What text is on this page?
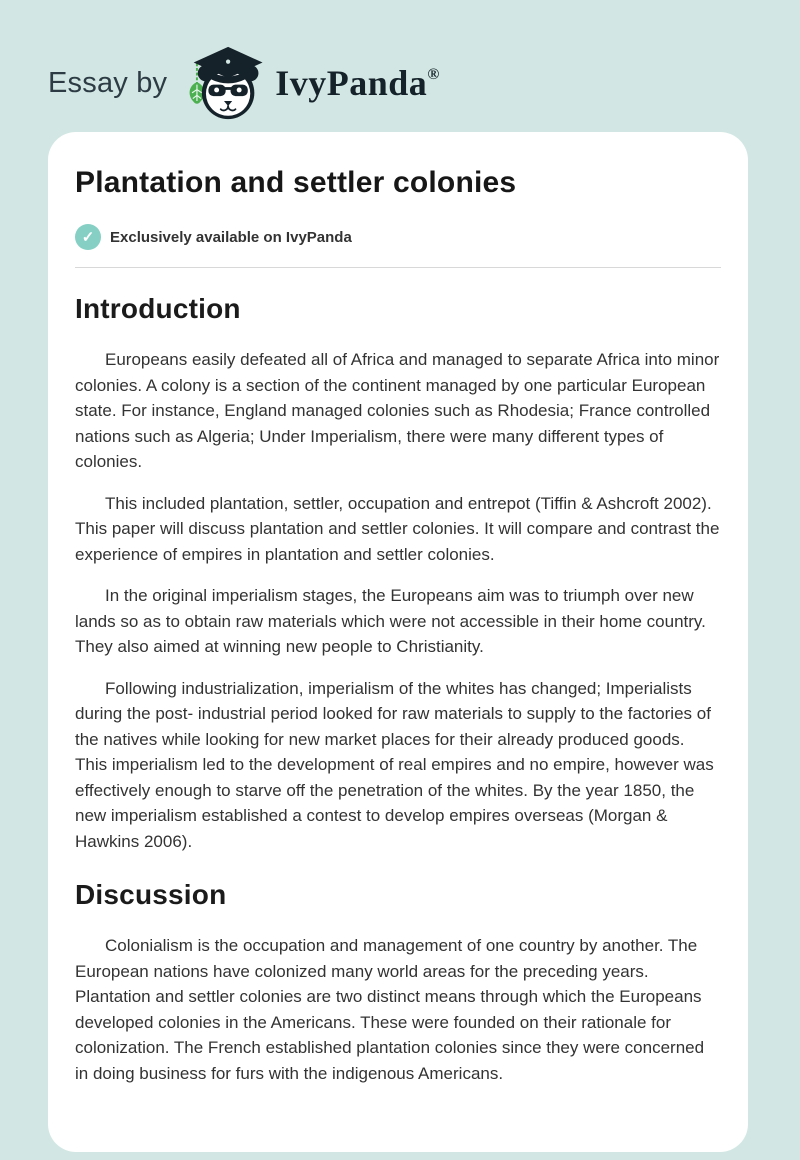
Essay by	IvyPanda®
Plantation and settler colonies
✓	Exclusively available on IvyPanda
Introduction

Europeans easily defeated all of Africa and managed to separate Africa into minor colonies. A colony is a section of the continent managed by one particular European state. For instance, England managed colonies such as Rhodesia; France controlled nations such as Algeria; Under Imperialism, there were many different types of colonies.

This included plantation, settler, occupation and entrepot (Tiffin & Ashcroft 2002). This paper will discuss plantation and settler colonies. It will compare and contrast the experience of empires in plantation and settler colonies.

In the original imperialism stages, the Europeans aim was to triumph over new lands so as to obtain raw materials which were not accessible in their home country. They also aimed at winning new people to Christianity.

Following industrialization, imperialism of the whites has changed; Imperialists during the post- industrial period looked for raw materials to supply to the factories of the natives while looking for new market places for their already produced goods. This imperialism led to the development of real empires and no empire, however was effectively enough to starve off the penetration of the whites. By the year 1850, the new imperialism established a contest to develop empires overseas (Morgan & Hawkins 2006).

Discussion

Colonialism is the occupation and management of one country by another. The European nations have colonized many world areas for the preceding years. Plantation and settler colonies are two distinct means through which the Europeans developed colonies in the Americans. These were founded on their rationale for colonization. The French established plantation colonies since they were concerned in doing business for furs with the indigenous Americans.
